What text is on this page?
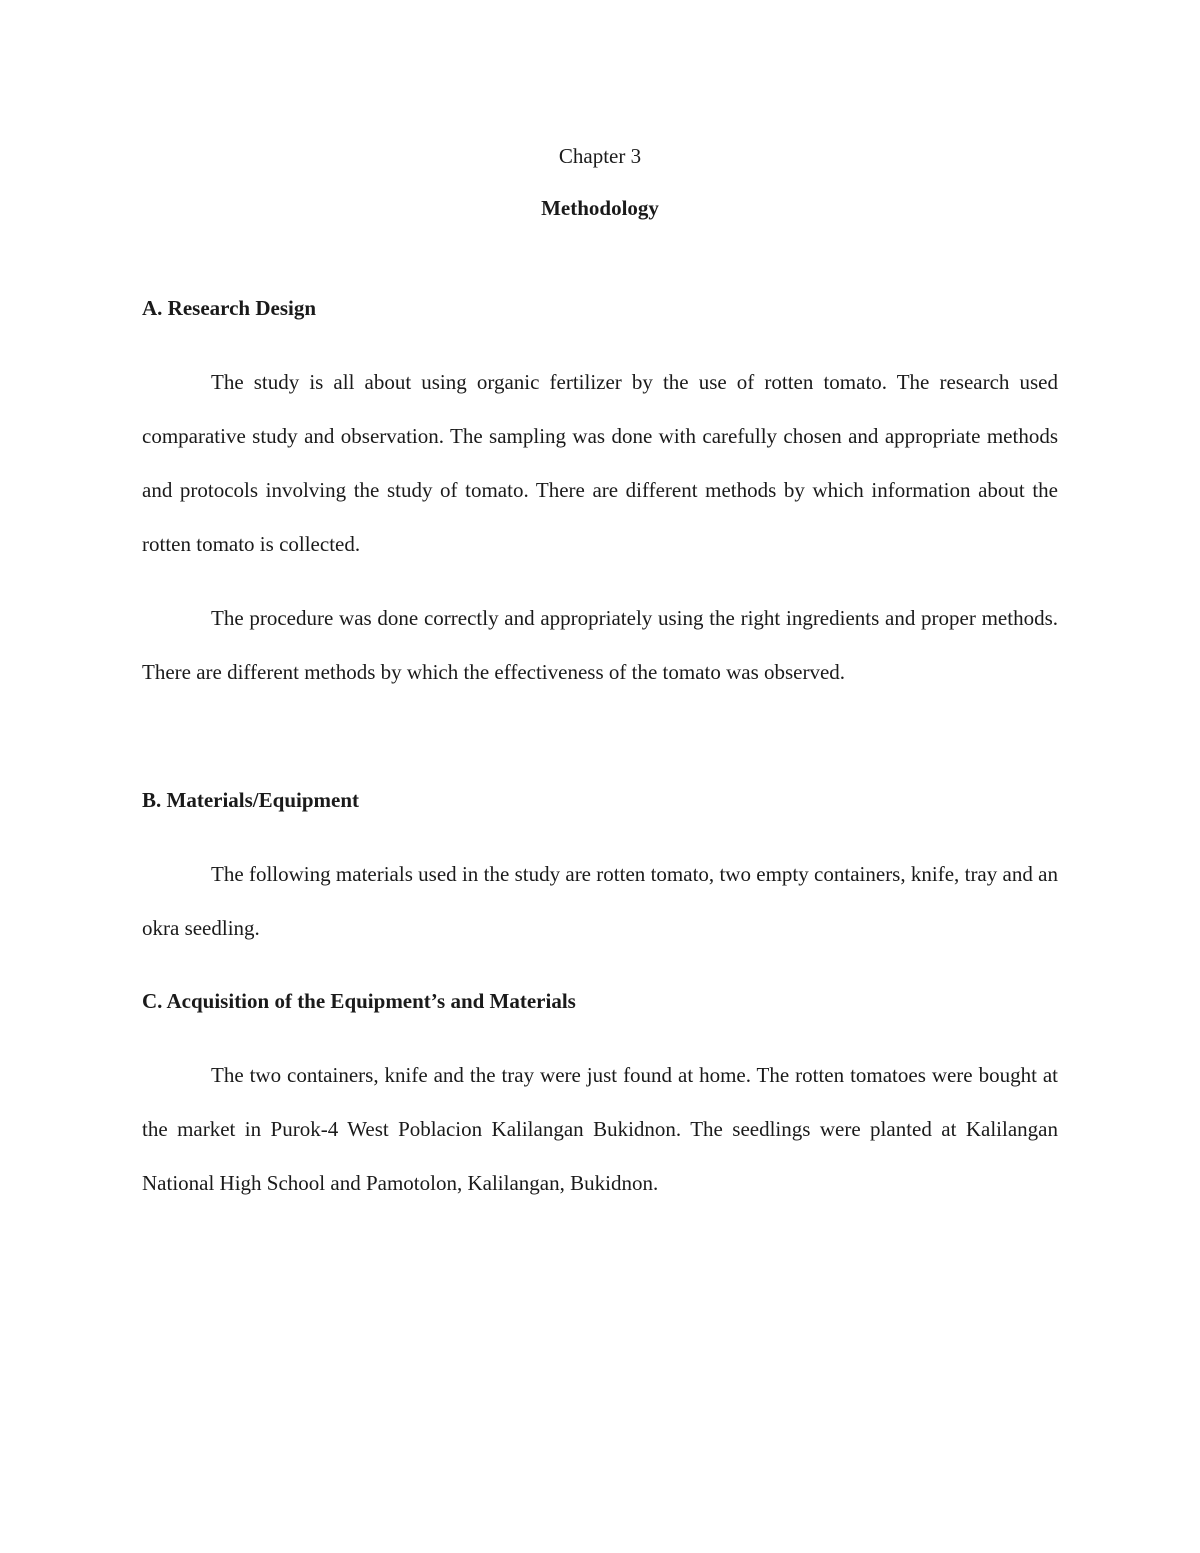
Chapter 3
Methodology
A. Research Design

The study is all about using organic fertilizer by the use of rotten tomato. The research used comparative study and observation. The sampling was done with carefully chosen and appropriate methods and protocols involving the study of tomato. There are different methods by which information about the rotten tomato is collected.

The procedure was done correctly and appropriately using the right ingredients and proper methods. There are different methods by which the effectiveness of the tomato was observed.

B. Materials/Equipment

The following materials used in the study are rotten tomato, two empty containers, knife, tray and an okra seedling.

C. Acquisition of the Equipment’s and Materials

The two containers, knife and the tray were just found at home. The rotten tomatoes were bought at the market in Purok-4 West Poblacion Kalilangan Bukidnon. The seedlings were planted at Kalilangan National High School and Pamotolon, Kalilangan, Bukidnon.
